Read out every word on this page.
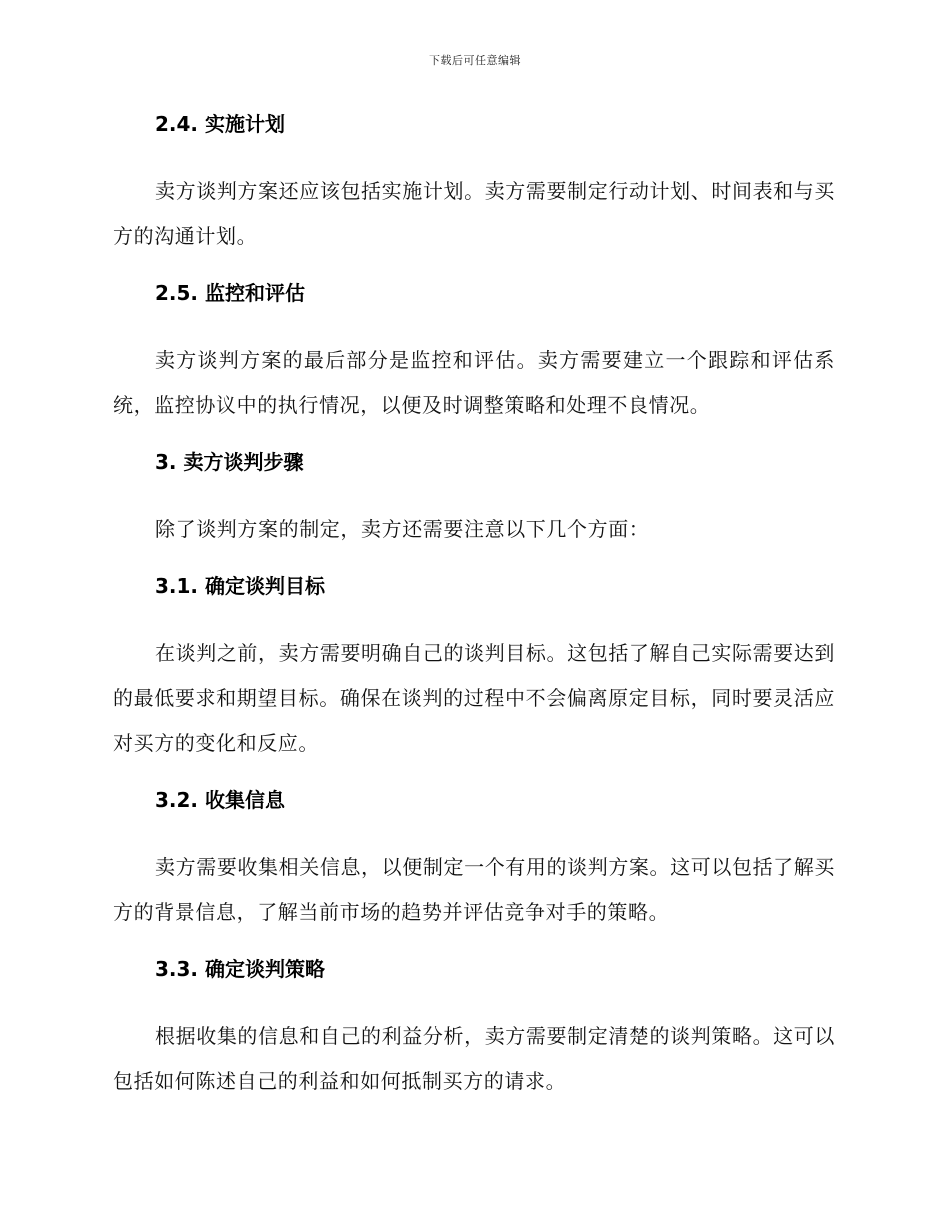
下载后可任意编辑
2.4. 实施计划

卖方谈判方案还应该包括实施计划。卖方需要制定行动计划、时间表和与买方的沟通计划。

2.5. 监控和评估

卖方谈判方案的最后部分是监控和评估。卖方需要建立一个跟踪和评估系统，监控协议中的执行情况，以便及时调整策略和处理不良情况。

3. 卖方谈判步骤

除了谈判方案的制定，卖方还需要注意以下几个方面：

3.1. 确定谈判目标

在谈判之前，卖方需要明确自己的谈判目标。这包括了解自己实际需要达到的最低要求和期望目标。确保在谈判的过程中不会偏离原定目标，同时要灵活应对买方的变化和反应。

3.2. 收集信息

卖方需要收集相关信息，以便制定一个有用的谈判方案。这可以包括了解买方的背景信息，了解当前市场的趋势并评估竞争对手的策略。

3.3. 确定谈判策略

根据收集的信息和自己的利益分析，卖方需要制定清楚的谈判策略。这可以包括如何陈述自己的利益和如何抵制买方的请求。
